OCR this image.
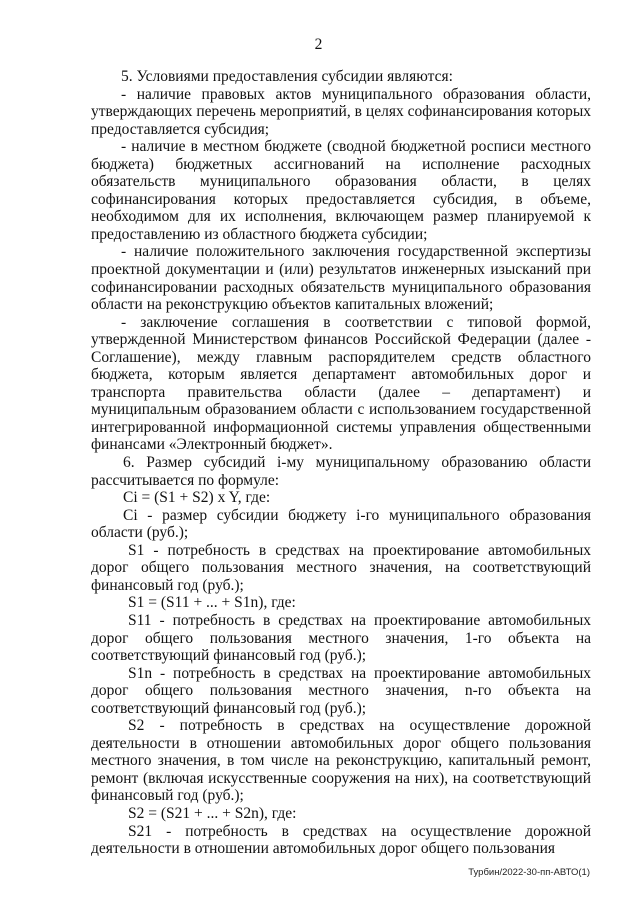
2

5. Условиями предоставления субсидии являются:

- наличие правовых актов муниципального образования области, утверждающих перечень мероприятий, в целях софинансирования которых предоставляется субсидия;

- наличие в местном бюджете (сводной бюджетной росписи местного бюджета) бюджетных ассигнований на исполнение расходных обязательств муниципального образования области, в целях софинансирования которых предоставляется субсидия, в объеме, необходимом для их исполнения, включающем размер планируемой к предоставлению из областного бюджета субсидии;

- наличие положительного заключения государственной экспертизы проектной документации и (или) результатов инженерных изысканий при софинансировании расходных обязательств муниципального образования области на реконструкцию объектов капитальных вложений;

- заключение соглашения в соответствии с типовой формой, утвержденной Министерством финансов Российской Федерации (далее - Соглашение), между главным распорядителем средств областного бюджета, которым является департамент автомобильных дорог и транспорта правительства области (далее – департамент) и муниципальным образованием области с использованием государственной интегрированной информационной системы управления общественными финансами «Электронный бюджет».

6. Размер субсидий i-му муниципальному образованию области рассчитывается по формуле:

Ci = (S1 + S2) x Y, где:

Ci - размер субсидии бюджету i-го муниципального образования области (руб.);

S1 - потребность в средствах на проектирование автомобильных дорог общего пользования местного значения, на соответствующий финансовый год (руб.);

S1 = (S11 + ... + S1n), где:

S11 - потребность в средствах на проектирование автомобильных дорог общего пользования местного значения, 1-го объекта на соответствующий финансовый год (руб.);

S1n - потребность в средствах на проектирование автомобильных дорог общего пользования местного значения, n-го объекта на соответствующий финансовый год (руб.);

S2 - потребность в средствах на осуществление дорожной деятельности в отношении автомобильных дорог общего пользования местного значения, в том числе на реконструкцию, капитальный ремонт, ремонт (включая искусственные сооружения на них), на соответствующий финансовый год (руб.);

S2 = (S21 + ... + S2n), где:

S21 - потребность в средствах на осуществление дорожной деятельности в отношении автомобильных дорог общего пользования

Турбин/2022-30-пп-АВТО(1)
